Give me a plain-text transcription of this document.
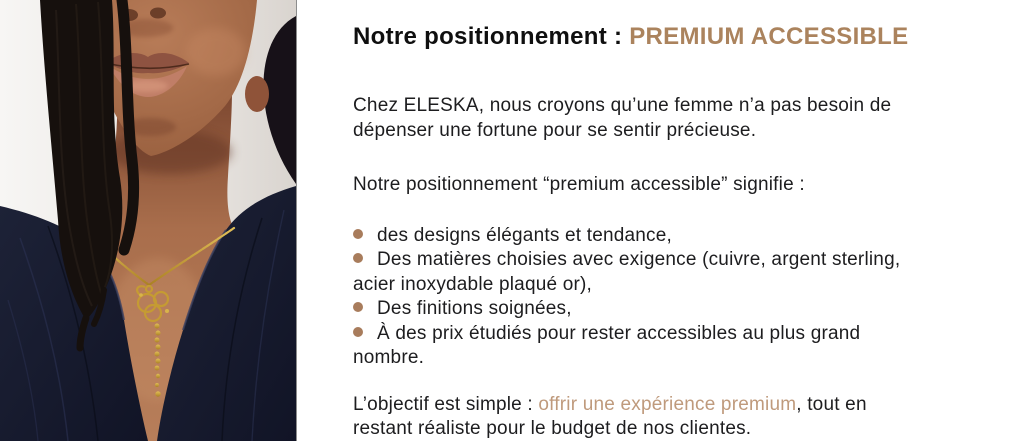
Notre positionnement : PREMIUM ACCESSIBLE
Chez ELESKA, nous croyons qu’une femme n’a pas besoin de
dépenser une fortune pour se sentir précieuse.
Notre positionnement “premium accessible” signifie :
des designs élégants et tendance,
Des matières choisies avec exigence (cuivre, argent sterling,
acier inoxydable plaqué or),
Des finitions soignées,
À des prix étudiés pour rester accessibles au plus grand
nombre.
L’objectif est simple : offrir une expérience premium, tout en
restant réaliste pour le budget de nos clientes.
